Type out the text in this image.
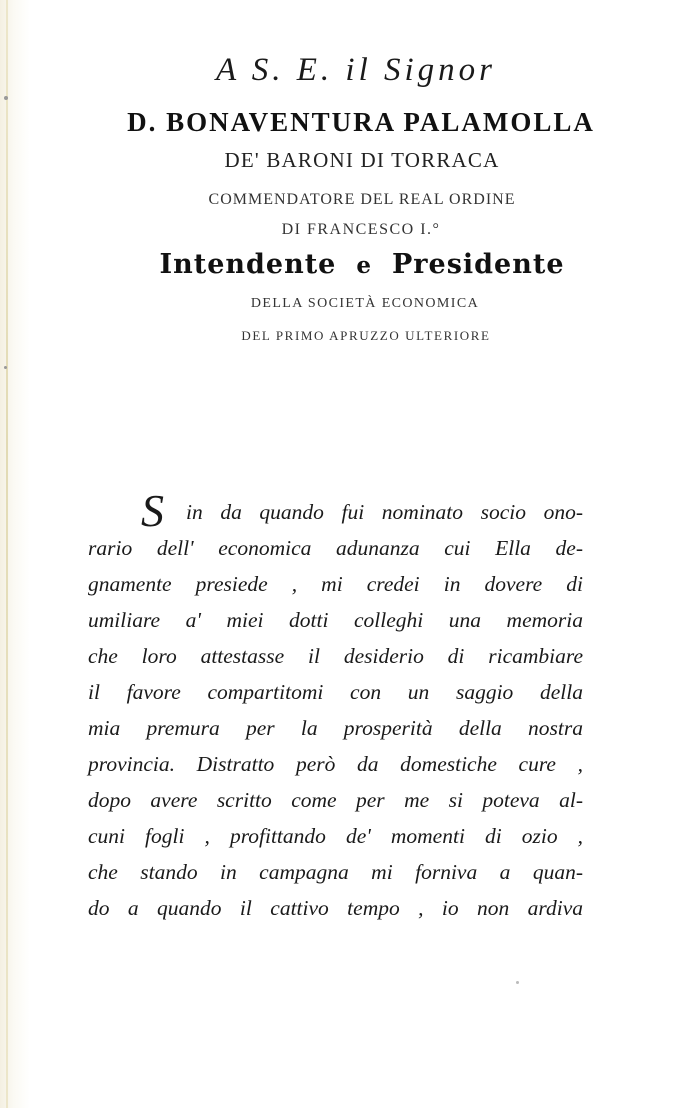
A S. E. il Signor
D. BONAVENTURA PALAMOLLA
DE' BARONI DI TORRACA
COMMENDATORE DEL REAL ORDINE
DI FRANCESCO I.°
Intendente e Presidente
DELLA SOCIETÀ ECONOMICA
DEL PRIMO APRUZZO ULTERIORE
S in da quando fui nominato socio ono-
rario dell' economica adunanza cui Ella de-
gnamente presiede , mi credei in dovere di
umiliare a' miei dotti colleghi una memoria
che loro attestasse il desiderio di ricambiare
il favore compartitomi con un saggio della
mia premura per la prosperità della nostra
provincia. Distratto però da domestiche cure ,
dopo avere scritto come per me si poteva al-
cuni fogli , profittando de' momenti di ozio ,
che stando in campagna mi forniva a quan-
do a quando il cattivo tempo , io non ardiva
